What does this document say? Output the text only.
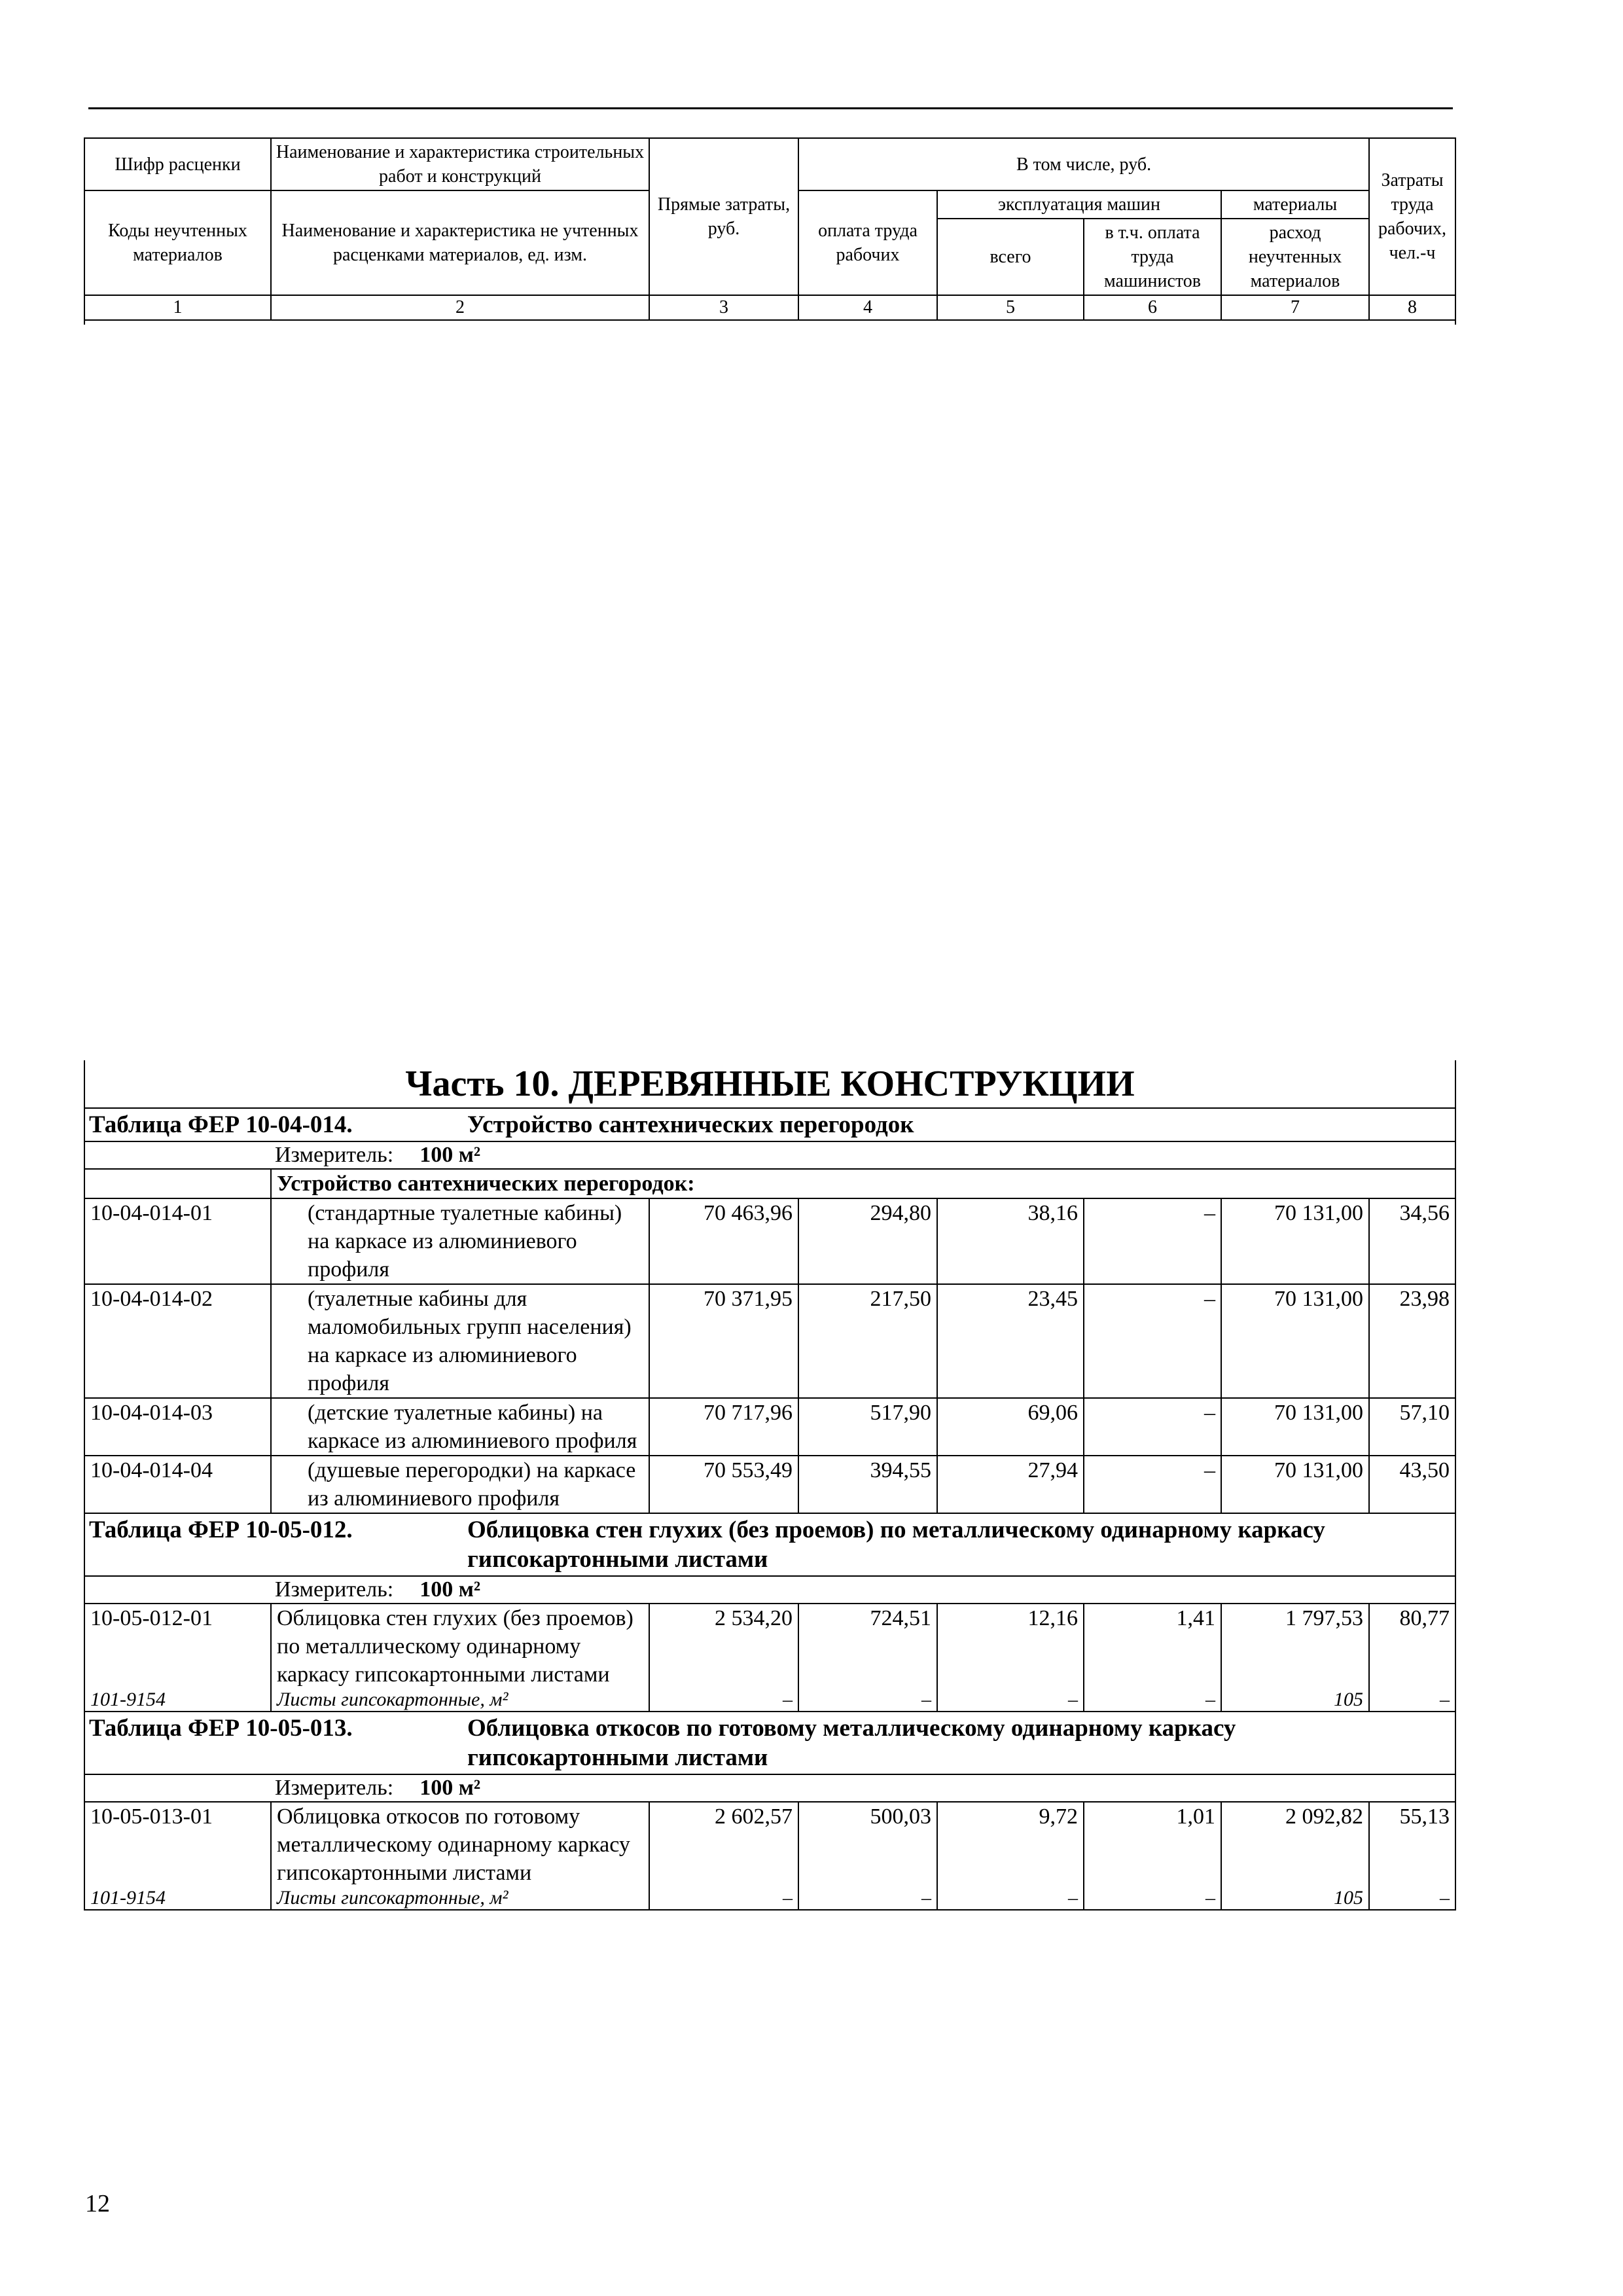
Шифр расценки	Наименование и характеристика строительных работ и конструкций	Прямые затраты, руб.	В том числе, руб.				Затраты труда рабочих, чел.-ч
Коды неучтенных материалов	Наименование и характеристика не учтенных расценками материалов, ед. изм.		оплата труда рабочих	эксплуатация машин		материалы	
				всего	в т.ч. оплата труда машинистов	расход неучтенных материалов	
1	2	3	4	5	6	7	8

Часть 10. ДЕРЕВЯННЫЕ КОНСТРУКЦИИ							
Таблица ФЕР 10-04-014. Устройство сантехнических перегородок							
Измеритель: 100 м²							
	Устройство сантехнических перегородок:						
10-04-014-01	(стандартные туалетные кабины) на каркасе из алюминиевого профиля	70 463,96	294,80	38,16	–	70 131,00	34,56
10-04-014-02	(туалетные кабины для маломобильных групп населения) на каркасе из алюминиевого профиля	70 371,95	217,50	23,45	–	70 131,00	23,98
10-04-014-03	(детские туалетные кабины) на каркасе из алюминиевого профиля	70 717,96	517,90	69,06	–	70 131,00	57,10
10-04-014-04	(душевые перегородки) на каркасе из алюминиевого профиля	70 553,49	394,55	27,94	–	70 131,00	43,50
Таблица ФЕР 10-05-012. Облицовка стен глухих (без проемов) по металлическому одинарному каркасу гипсокартонными листами							
Измеритель: 100 м²							
10-05-012-01	Облицовка стен глухих (без проемов) по металлическому одинарному каркасу гипсокартонными листами	2 534,20	724,51	12,16	1,41	1 797,53	80,77
101-9154	Листы гипсокартонные, м²	–	–	–	–	105	–
Таблица ФЕР 10-05-013. Облицовка откосов по готовому металлическому одинарному каркасу гипсокартонными листами							
Измеритель: 100 м²							
10-05-013-01	Облицовка откосов по готовому металлическому одинарному каркасу гипсокартонными листами	2 602,57	500,03	9,72	1,01	2 092,82	55,13
101-9154	Листы гипсокартонные, м²	–	–	–	–	105	–
12
